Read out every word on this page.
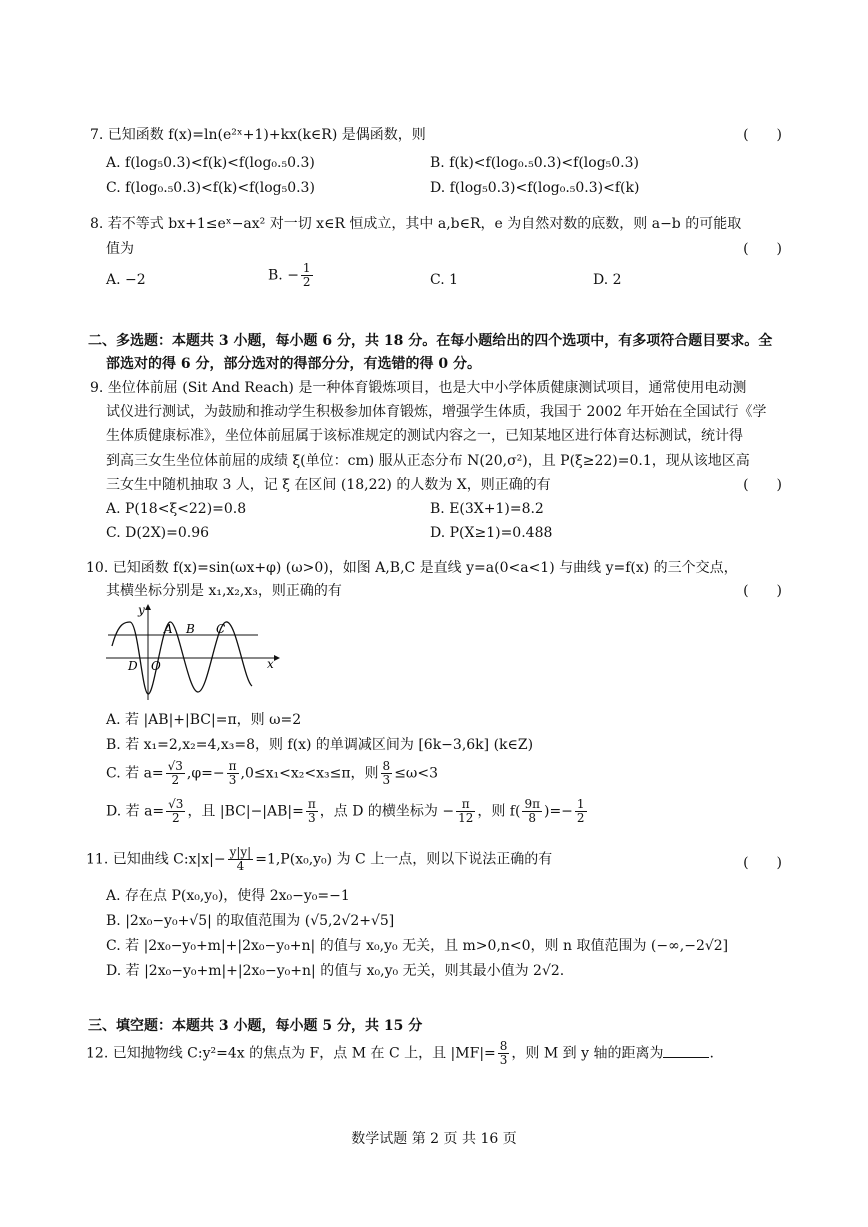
7. 已知函数 f(x)=ln(e²ˣ+1)+kx(k∈R) 是偶函数，则	(　　)
A. f(log₅0.3)<f(k)<f(log₀.₅0.3)	B. f(k)<f(log₀.₅0.3)<f(log₅0.3)
C. f(log₀.₅0.3)<f(k)<f(log₅0.3)	D. f(log₅0.3)<f(log₀.₅0.3)<f(k)
8. 若不等式 bx+1≤eˣ−ax² 对一切 x∈R 恒成立，其中 a,b∈R，e 为自然对数的底数，则 a−b 的可能取
值为	(　　)
A. −2	B. − $\frac{1}{2}$	C. 1	D. 2
二、多选题：本题共 3 小题，每小题 6 分，共 18 分。在每小题给出的四个选项中，有多项符合题目要求。全
部选对的得 6 分，部分选对的得部分分，有选错的得 0 分。
9. 坐位体前屈 (Sit And Reach) 是一种体育锻炼项目，也是大中小学体质健康测试项目，通常使用电动测
试仪进行测试，为鼓励和推动学生积极参加体育锻炼，增强学生体质，我国于 2002 年开始在全国试行《学
生体质健康标准》，坐位体前屈属于该标准规定的测试内容之一，已知某地区进行体育达标测试，统计得
到高三女生坐位体前屈的成绩 ξ(单位：cm) 服从正态分布 N(20,σ²)，且 P(ξ≥22)=0.1，现从该地区高
三女生中随机抽取 3 人，记 ξ 在区间 (18,22) 的人数为 X，则正确的有	(　　)
A. P(18<ξ<22)=0.8	B. E(3X+1)=8.2
C. D(2X)=0.96	D. P(X≥1)=0.488
10. 已知函数 f(x)=sin(ωx+φ) (ω>0)，如图 A,B,C 是直线 y=a(0<a<1) 与曲线 y=f(x) 的三个交点，
其横坐标分别是 x₁,x₂,x₃，则正确的有	(　　)
y
x
A B C
D O
A. 若 |AB|+|BC|=π，则 ω=2
B. 若 x₁=2,x₂=4,x₃=8，则 f(x) 的单调减区间为 [6k−3,6k] (k∈Z)
C. 若 $a= \frac{√3}{2} ,\varphi=- \frac{\pi}{3} ,0\le x_1<x_2<x_3\le\pi$，则 $\frac{8}{3} \le\omega<3$
D. 若 $a= \frac{√3}{2}$ ，且 $|BC|-|AB|= \frac{\pi}{3}$ ，点 D 的横坐标为 − $\frac{\pi}{12}$ ，则 $f( \frac{9\pi}{8}$ )=− $\frac{1}{2}$
11. 已知曲线 C:x|x|− $\frac{y|y|}{4} =1,P(x_0,y_0)$ 为 C 上一点，则以下说法正确的有	(　　)
A. 存在点 P(x₀,y₀)，使得 2x₀−y₀=−1
B. |2x₀−y₀+√5| 的取值范围为 (√5,2√2+√5]
C. 若 |2x₀−y₀+m|+|2x₀−y₀+n| 的值与 x₀,y₀ 无关，且 m>0,n<0，则 n 取值范围为 (−∞,−2√2]
D. 若 |2x₀−y₀+m|+|2x₀−y₀+n| 的值与 x₀,y₀ 无关，则其最小值为 2√2.
三、填空题：本题共 3 小题，每小题 5 分，共 15 分
12. 已知抛物线 C:y²=4x 的焦点为 F，点 M 在 C 上，且 $|MF|= \frac{8}{3}$ ，则 M 到 y 轴的距离为	.
数学试题 第 2 页 共 16 页
